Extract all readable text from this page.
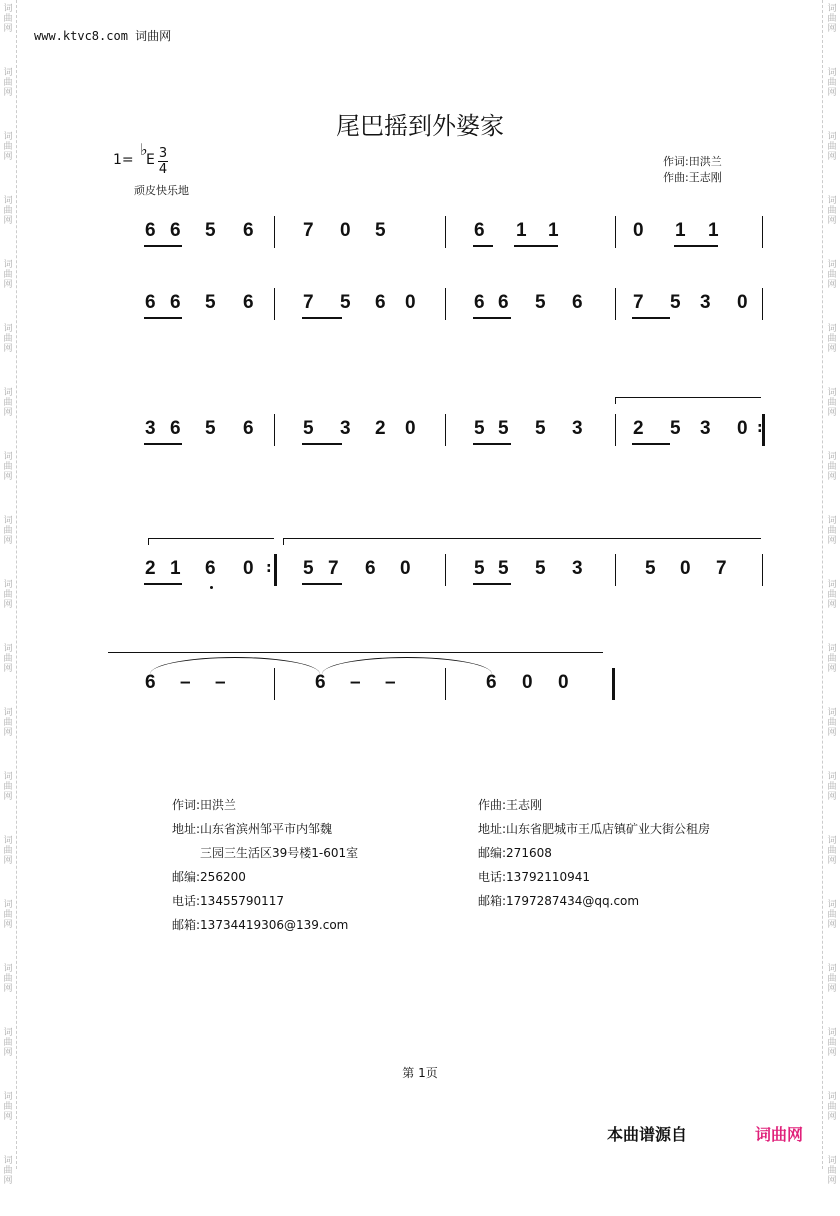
词
曲
网
词
曲
网
词
曲
网
词
曲
网
词
曲
网
词
曲
网
词
曲
网
词
曲
网
词
曲
网
词
曲
网
词
曲
网
词
曲
网
词
曲
网
词
曲
网
词
曲
网
词
曲
网
词
曲
网
词
曲
网
词
曲
网
词
曲
网
词
曲
网
词
曲
网
词
曲
网
词
曲
网
词
曲
网
词
曲
网
词
曲
网
词
曲
网
词
曲
网
词
曲
网
词
曲
网
词
曲
网
词
曲
网
词
曲
网
词
曲
网
词
曲
网
词
曲
网
词
曲
网
www.ktvc8.com 词曲网
尾巴摇到外婆家
1=
♭
E 3
4
顽皮快乐地
作词:田洪兰
作曲:王志刚
6 6 5 6	7 0 5	6 1 1	0 1 1
6 6 5 6	7 5 6 0	6 6 5 6	7 5 3 0
3 6 5 6	5 3 2 0	5 5 5 3	2 5 3 0 :
2 1 6 0	5 7 6 0	5 5 5 3	5 0 7
:
6 – –	6 – –	6 0 0
作词:田洪兰
地址:山东省滨州邹平市内邹魏
三园三生活区39号楼1-601室
邮编:256200
电话:13455790117
邮箱:13734419306@139.com
作曲:王志刚
地址:山东省肥城市王瓜店镇矿业大街公租房
邮编:271608
电话:13792110941
邮箱:1797287434@qq.com
第 1页
本曲谱源自	词曲网
